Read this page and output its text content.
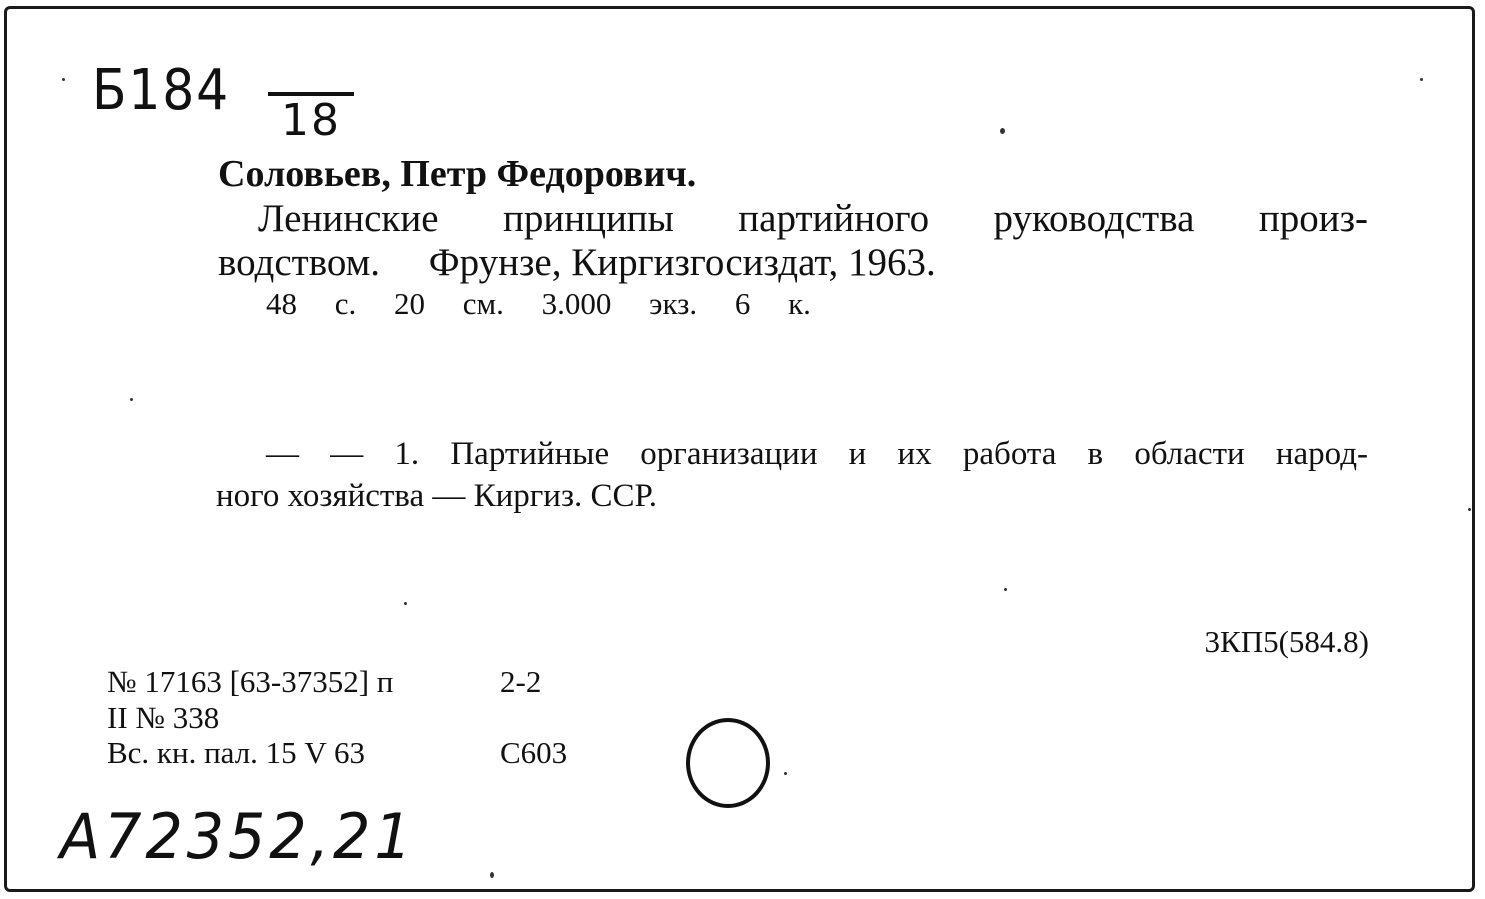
Б184 18
Соловьев, Петр Федорович.
Ленинские принципы партийного руководства произ-
водством.     Фрунзе, Киргизгосиздат, 1963.
48 с. 20 см. 3.000 экз. 6 к.
— — 1. Партийные организации и их работа в области народ-
ного хозяйства — Киргиз. ССР.
3КП5(584.8)
№ 17163 [63-37352] п	2-2
II № 338
Вс. кн. пал. 15 V 63	С603
А72352,21
